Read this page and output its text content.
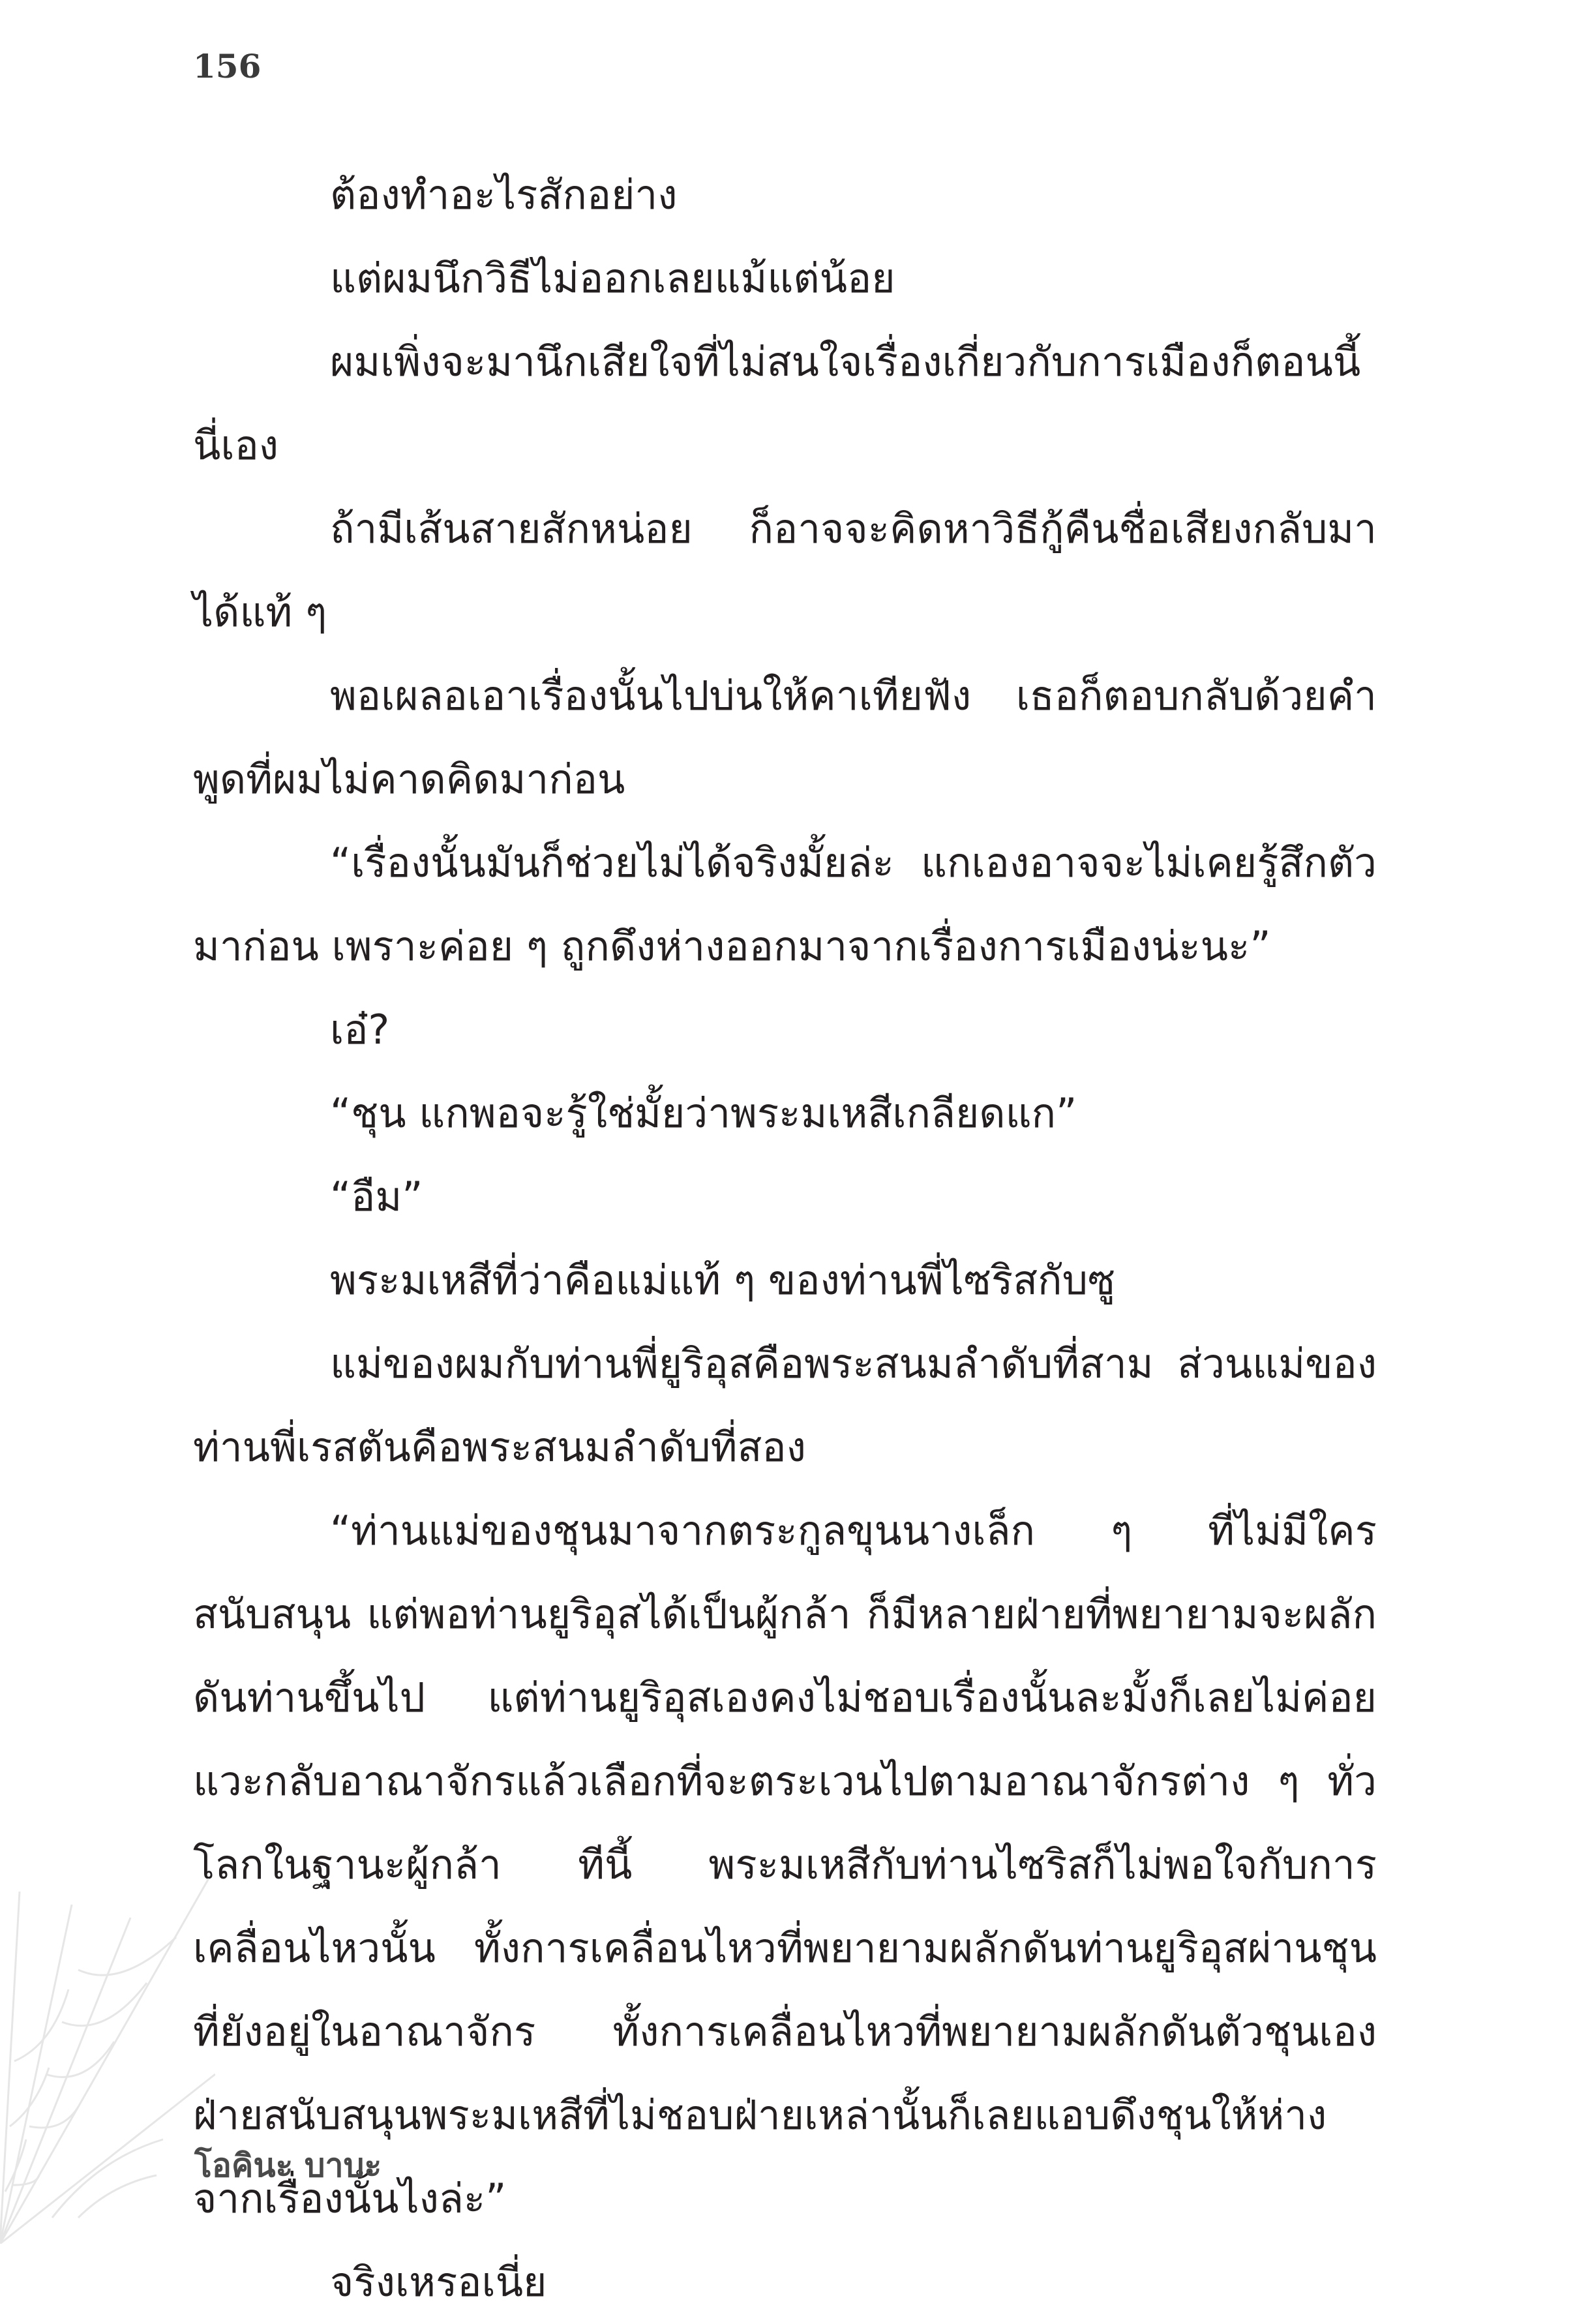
156

ต้องทำอะไรสักอย่าง

แต่ผมนึกวิธีไม่ออกเลยแม้แต่น้อย

ผมเพิ่งจะมานึกเสียใจที่ไม่สนใจเรื่องเกี่ยวกับการเมืองก็ตอนนี้นี่เอง

ถ้ามีเส้นสายสักหน่อย ก็อาจจะคิดหาวิธีกู้คืนชื่อเสียงกลับมาได้แท้ ๆ

พอเผลอเอาเรื่องนั้นไปบ่นให้คาเทียฟัง เธอก็ตอบกลับด้วยคำพูดที่ผมไม่คาดคิดมาก่อน

“เรื่องนั้นมันก็ช่วยไม่ได้จริงมั้ยล่ะ แกเองอาจจะไม่เคยรู้สึกตัวมาก่อน เพราะค่อย ๆ ถูกดึงห่างออกมาจากเรื่องการเมืองน่ะนะ”

เอ๋?

“ชุน แกพอจะรู้ใช่มั้ยว่าพระมเหสีเกลียดแก”

“อืม”

พระมเหสีที่ว่าคือแม่แท้ ๆ ของท่านพี่ไซริสกับซู

แม่ของผมกับท่านพี่ยูริอุสคือพระสนมลำดับที่สาม ส่วนแม่ของท่านพี่เรสตันคือพระสนมลำดับที่สอง

“ท่านแม่ของชุนมาจากตระกูลขุนนางเล็ก ๆ ที่ไม่มีใครสนับสนุน แต่พอท่านยูริอุสได้เป็นผู้กล้า ก็มีหลายฝ่ายที่พยายามจะผลักดันท่านขึ้นไป แต่ท่านยูริอุสเองคงไม่ชอบเรื่องนั้นละมั้งก็เลยไม่ค่อยแวะกลับอาณาจักรแล้วเลือกที่จะตระเวนไปตามอาณาจักรต่าง ๆ ทั่วโลกในฐานะผู้กล้า ทีนี้ พระมเหสีกับท่านไซริสก็ไม่พอใจกับการเคลื่อนไหวนั้น ทั้งการเคลื่อนไหวที่พยายามผลักดันท่านยูริอุสผ่านชุนที่ยังอยู่ในอาณาจักร ทั้งการเคลื่อนไหวที่พยายามผลักดันตัวชุนเอง ฝ่ายสนับสนุนพระมเหสีที่ไม่ชอบฝ่ายเหล่านั้นก็เลยแอบดึงชุนให้ห่างจากเรื่องนั้นไงล่ะ”

จริงเหรอเนี่ย

โอคินะ บาบะ
